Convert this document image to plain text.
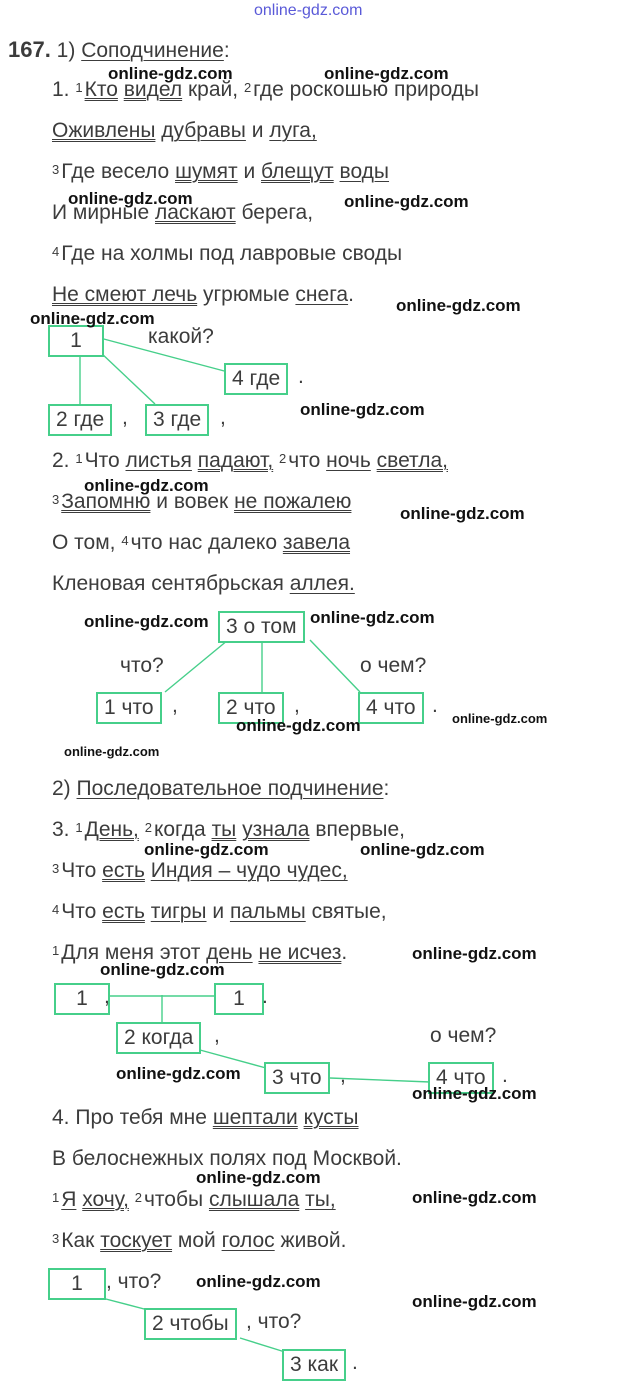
online-gdz.com
167. 1) Соподчинение:
1. $^1$Кто видел край, $^2$где роскошью природы
Оживлены дубравы и луга,
$^3$Где весело шумят и блещут воды
И мирные ласкают берега,
$^4$Где на холмы под лавровые своды
Не смеют лечь угрюмые снега.
1	какой?
4 где .
2 где ,	3 где ,
2. $^1$Что листья падают, $^2$что ночь светла,
$^3$Запомню и вовек не пожалею
О том, $^4$что нас далеко завела
Кленовая сентябрьская аллея.
3 о том
что?	о чем?
1 что ,	2 что ,	4 что .
2) Последовательное подчинение:
3. $^1$День, $^2$когда ты узнала впервые,
$^3$Что есть Индия – чудо чудес,
$^4$Что есть тигры и пальмы святые,
$^1$Для меня этот день не исчез.
1 ,	1 .
2 когда ,	о чем?
3 что ,	4 что .
4. Про тебя мне шептали кусты
В белоснежных полях под Москвой.
$^1$Я хочу, $^2$чтобы слышала ты,
$^3$Как тоскует мой голос живой.
1	, что?
2 чтобы , что?
3 как .
online-gdz.com	online-gdz.com
online-gdz.com	online-gdz.com
online-gdz.com
online-gdz.com
online-gdz.com
online-gdz.com
online-gdz.com
online-gdz.com	online-gdz.com
online-gdz.com
online-gdz.com
online-gdz.com
online-gdz.com	online-gdz.com
online-gdz.com
online-gdz.com
online-gdz.com
online-gdz.com
online-gdz.com
online-gdz.com
online-gdz.com
online-gdz.com
